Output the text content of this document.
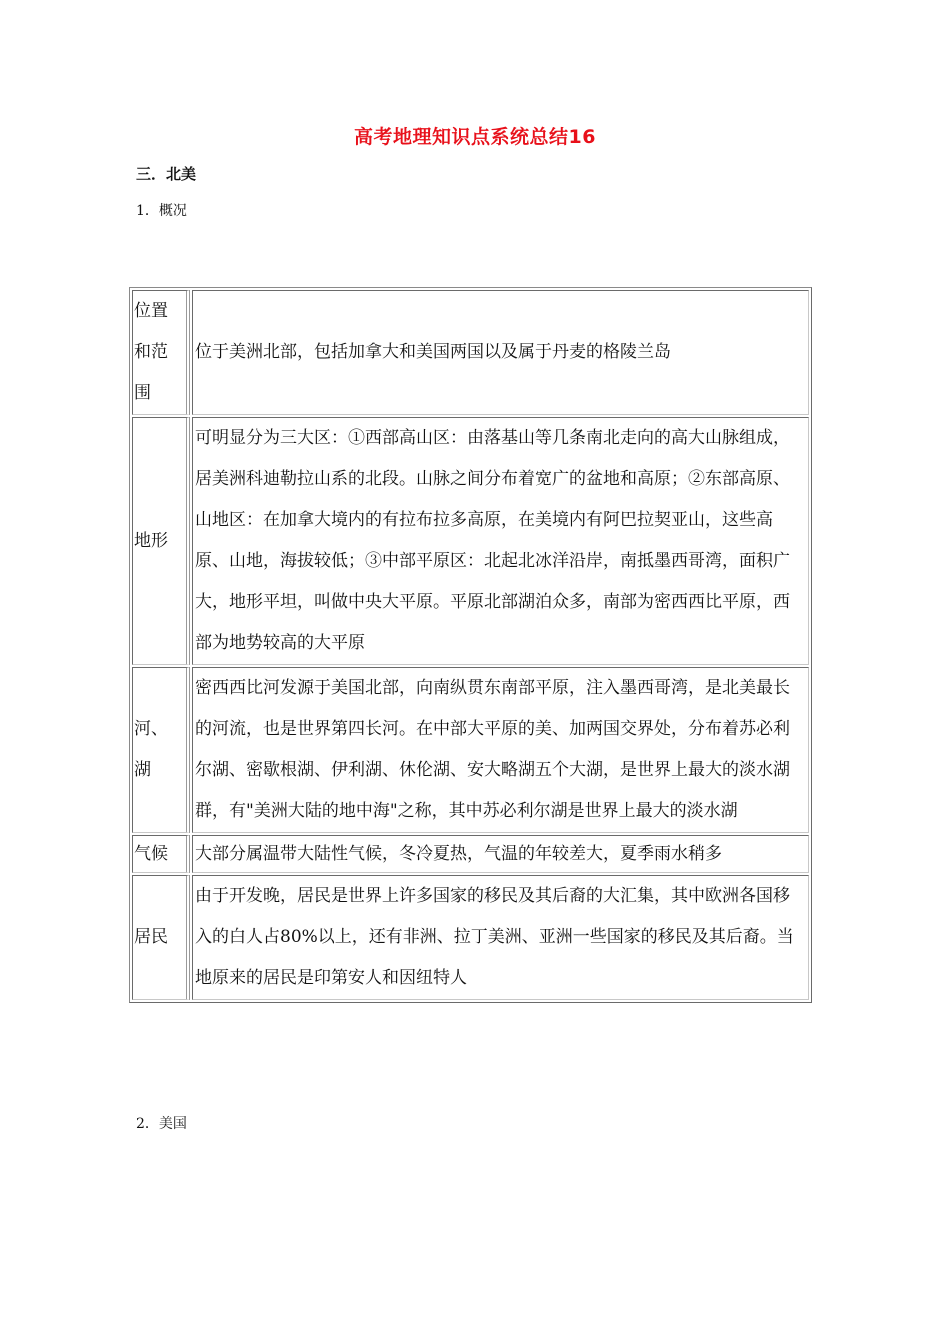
高考地理知识点系统总结16
三．北美
1．概况
位置和范围	位于美洲北部，包括加拿大和美国两国以及属于丹麦的格陵兰岛
地形	可明显分为三大区：①西部高山区：由落基山等几条南北走向的高大山脉组成，居美洲科迪勒拉山系的北段。山脉之间分布着宽广的盆地和高原；②东部高原、山地区：在加拿大境内的有拉布拉多高原，在美境内有阿巴拉契亚山，这些高原、山地，海拔较低；③中部平原区：北起北冰洋沿岸，南抵墨西哥湾，面积广大，地形平坦，叫做中央大平原。平原北部湖泊众多，南部为密西西比平原，西部为地势较高的大平原
河、湖	密西西比河发源于美国北部，向南纵贯东南部平原，注入墨西哥湾，是北美最长的河流，也是世界第四长河。在中部大平原的美、加两国交界处，分布着苏必利尔湖、密歇根湖、伊利湖、休伦湖、安大略湖五个大湖，是世界上最大的淡水湖群，有"美洲大陆的地中海"之称，其中苏必利尔湖是世界上最大的淡水湖
气候	大部分属温带大陆性气候，冬冷夏热，气温的年较差大，夏季雨水稍多
居民	由于开发晚，居民是世界上许多国家的移民及其后裔的大汇集，其中欧洲各国移入的白人占80%以上，还有非洲、拉丁美洲、亚洲一些国家的移民及其后裔。当地原来的居民是印第安人和因纽特人
2．美国
